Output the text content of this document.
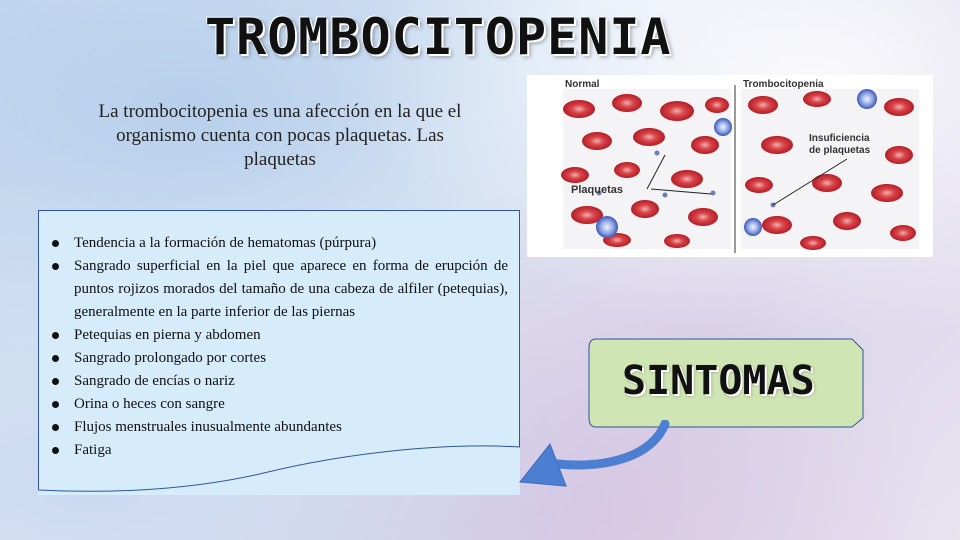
TROMBOCITOPENIA

La trombocitopenia es una afección en la que el organismo cuenta con pocas plaquetas. Las plaquetas

Tendencia a la formación de hematomas (púrpura)
Sangrado superficial en la piel que aparece en forma de erupción de puntos rojizos morados del tamaño de una cabeza de alfiler (petequias), generalmente en la parte inferior de las piernas
Petequias en pierna y abdomen
Sangrado prolongado por cortes
Sangrado de encías o nariz
Orina o heces con sangre
Flujos menstruales inusualmente abundantes
Fatiga
Normal	Trombocitopenia
Plaquetas
Insuficiencia
de plaquetas
SINTOMAS
